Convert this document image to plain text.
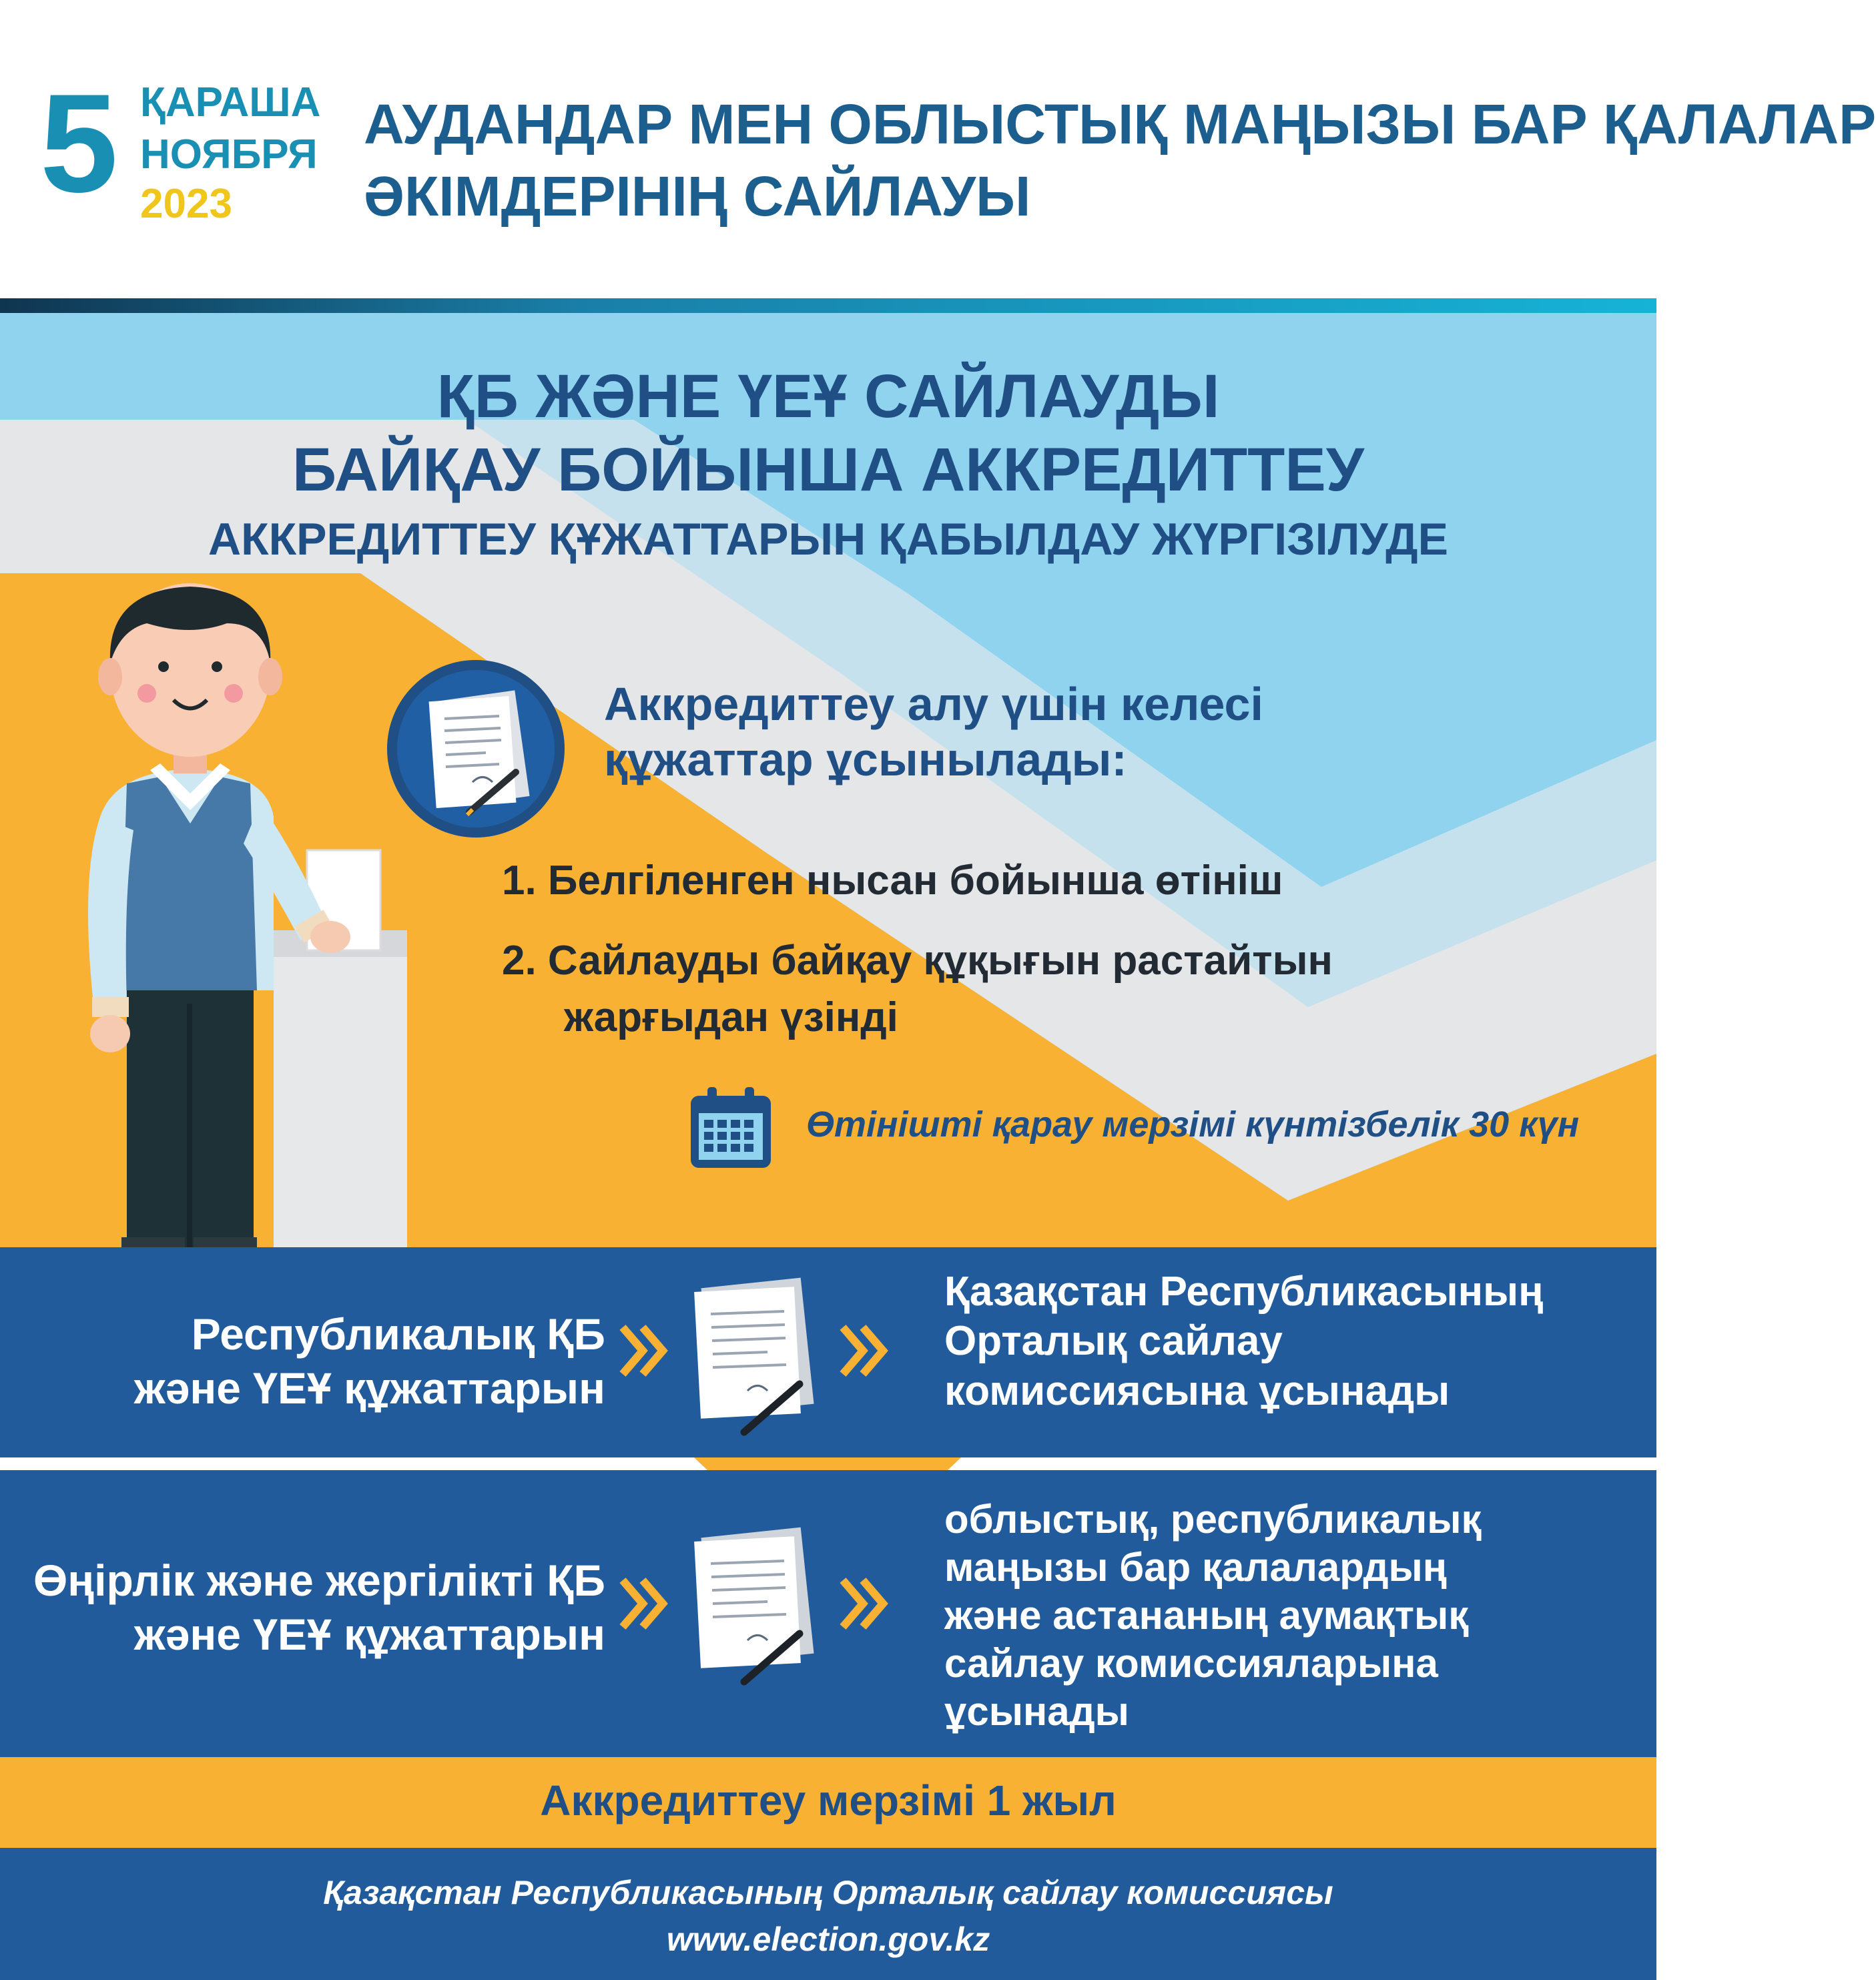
5 ҚАРАША
НОЯБРЯ
2023
АУДАНДАР МЕН ОБЛЫСТЫҚ МАҢЫЗЫ БАР ҚАЛАЛАР
ӘКІМДЕРІНІҢ САЙЛАУЫ
ҚБ ЖӘНЕ ҮЕҰ САЙЛАУДЫ
БАЙҚАУ БОЙЫНША АККРЕДИТТЕУ
АККРЕДИТТЕУ ҚҰЖАТТАРЫН ҚАБЫЛДАУ ЖҮРГІЗІЛУДЕ
Аккредиттеу алу үшін келесі
құжаттар ұсынылады:
1. Белгіленген нысан бойынша өтініш
2. Сайлауды байқау құқығын растайтын
жарғыдан үзінді
Өтінішті қарау мерзімі күнтізбелік 30 күн
Республикалық ҚБ
және ҮЕҰ құжаттарын
Қазақстан Республикасының
Орталық сайлау
комиссиясына ұсынады
Өңірлік және жергілікті ҚБ
және ҮЕҰ құжаттарын
облыстық, республикалық
маңызы бар қалалардың
және астананың аумақтық
сайлау комиссияларына
ұсынады
Аккредиттеу мерзімі 1 жыл
Қазақстан Республикасының Орталық сайлау комиссиясы
www.election.gov.kz
